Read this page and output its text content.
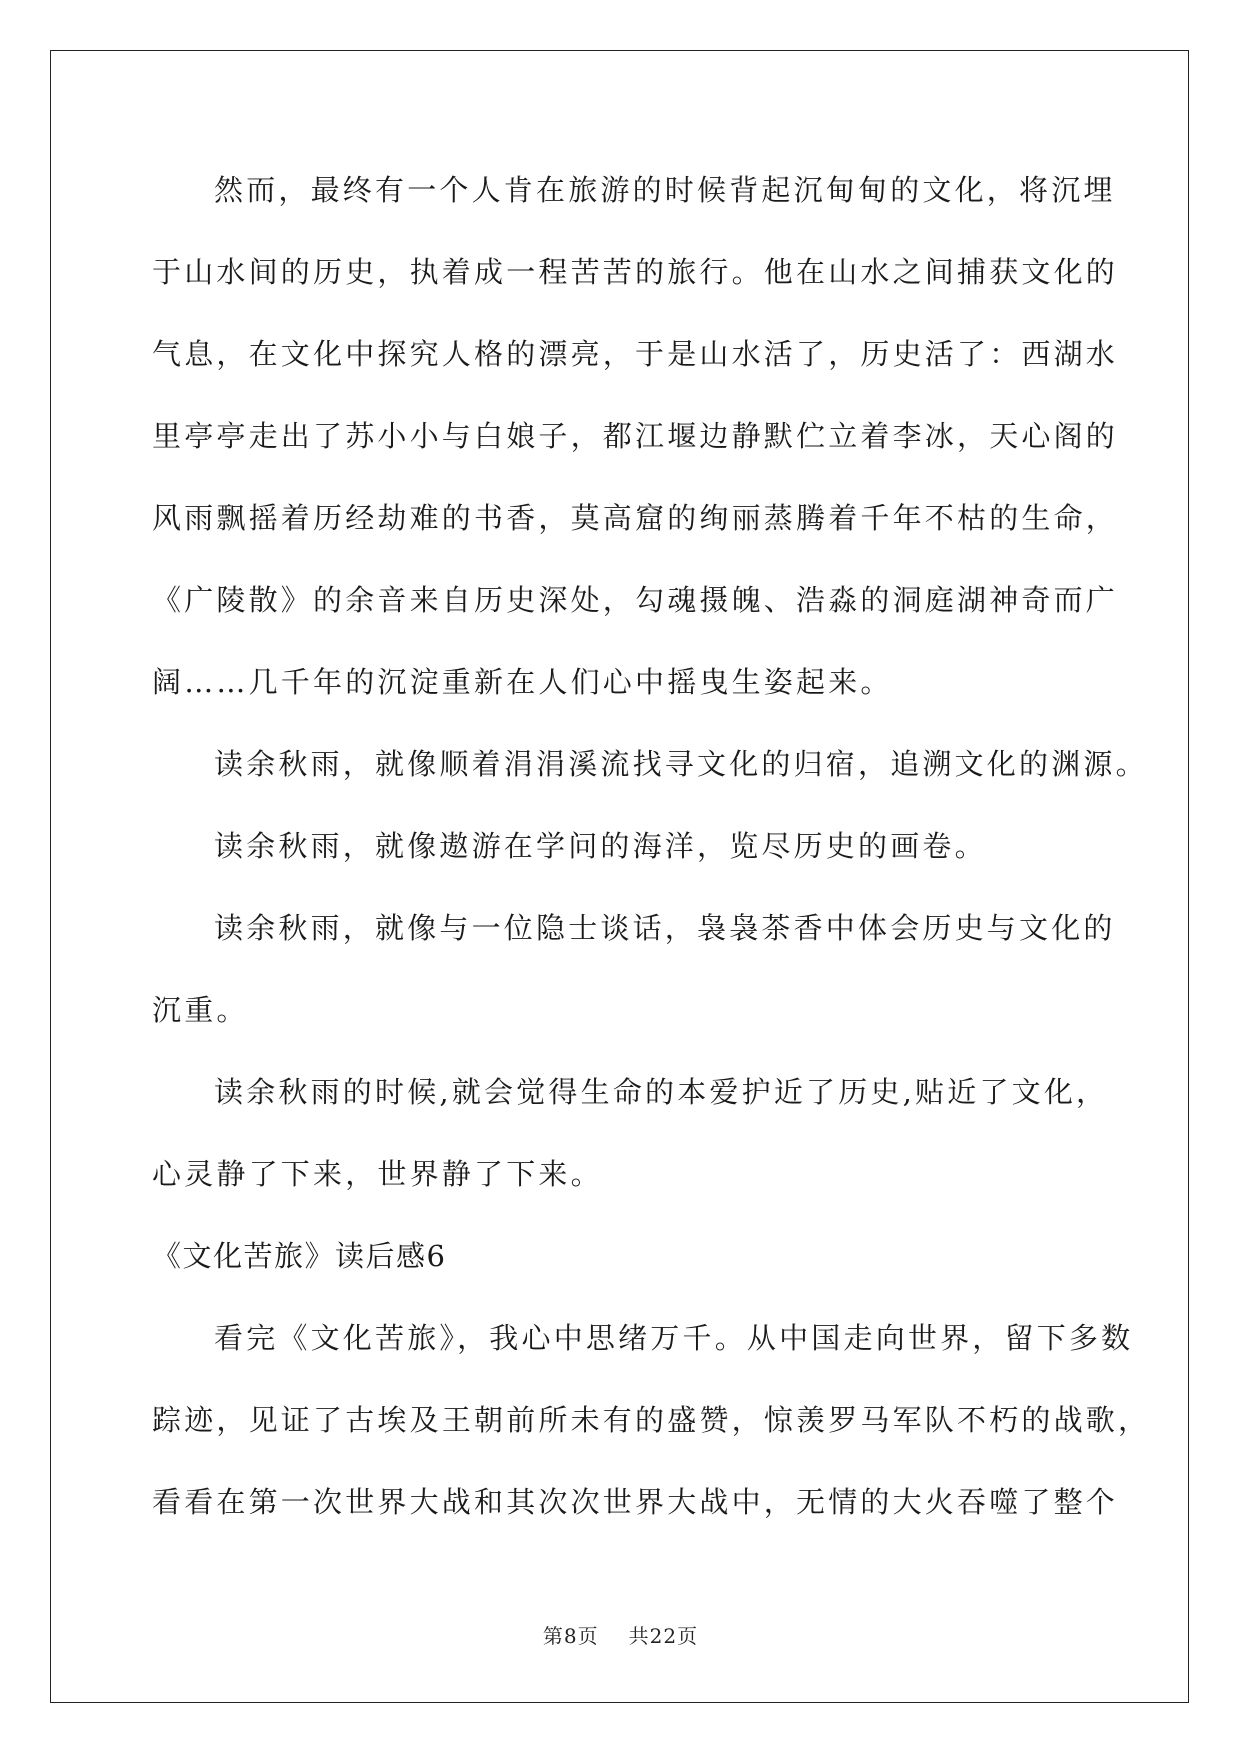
然而，最终有一个人肯在旅游的时候背起沉甸甸的文化，将沉埋
于山水间的历史，执着成一程苦苦的旅行。他在山水之间捕获文化的
气息，在文化中探究人格的漂亮，于是山水活了，历史活了：西湖水
里亭亭走出了苏小小与白娘子，都江堰边静默伫立着李冰，天心阁的
风雨飘摇着历经劫难的书香，莫高窟的绚丽蒸腾着千年不枯的生命，
《广陵散》的余音来自历史深处，勾魂摄魄、浩淼的洞庭湖神奇而广
阔……几千年的沉淀重新在人们心中摇曳生姿起来。
读余秋雨，就像顺着涓涓溪流找寻文化的归宿，追溯文化的渊源。
读余秋雨，就像遨游在学问的海洋，览尽历史的画卷。
读余秋雨，就像与一位隐士谈话，袅袅茶香中体会历史与文化的
沉重。
读余秋雨的时候,就会觉得生命的本爱护近了历史,贴近了文化，
心灵静了下来，世界静了下来。
《文化苦旅》读后感6
看完《文化苦旅》，我心中思绪万千。从中国走向世界，留下多数
踪迹，见证了古埃及王朝前所未有的盛赞，惊羡罗马军队不朽的战歌，
看看在第一次世界大战和其次次世界大战中，无情的大火吞噬了整个
第8页 共22页
